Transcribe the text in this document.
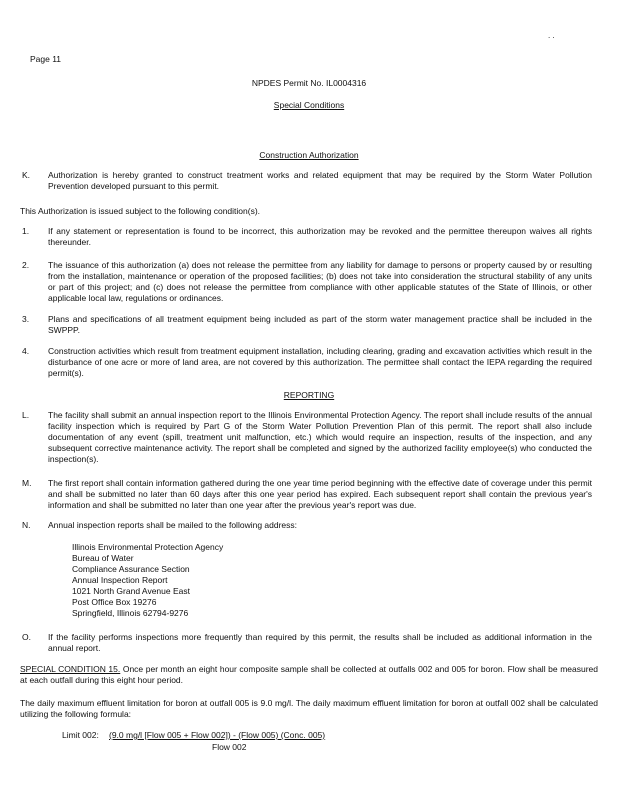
. .
Page 11
NPDES Permit No. IL0004316
Special Conditions
Construction Authorization
K.	Authorization is hereby granted to construct treatment works and related equipment that may be required by the Storm Water Pollution Prevention developed pursuant to this permit.
This Authorization is issued subject to the following condition(s).
1.	If any statement or representation is found to be incorrect, this authorization may be revoked and the permittee thereupon waives all rights thereunder.
2.	The issuance of this authorization (a) does not release the permittee from any liability for damage to persons or property caused by or resulting from the installation, maintenance or operation of the proposed facilities; (b) does not take into consideration the structural stability of any units or part of this project; and (c) does not release the permittee from compliance with other applicable statutes of the State of Illinois, or other applicable local law, regulations or ordinances.
3.	Plans and specifications of all treatment equipment being included as part of the storm water management practice shall be included in the SWPPP.
4.	Construction activities which result from treatment equipment installation, including clearing, grading and excavation activities which result in the disturbance of one acre or more of land area, are not covered by this authorization. The permittee shall contact the IEPA regarding the required permit(s).
REPORTING
L.	The facility shall submit an annual inspection report to the Illinois Environmental Protection Agency. The report shall include results of the annual facility inspection which is required by Part G of the Storm Water Pollution Prevention Plan of this permit. The report shall also include documentation of any event (spill, treatment unit malfunction, etc.) which would require an inspection, results of the inspection, and any subsequent corrective maintenance activity. The report shall be completed and signed by the authorized facility employee(s) who conducted the inspection(s).
M.	The first report shall contain information gathered during the one year time period beginning with the effective date of coverage under this permit and shall be submitted no later than 60 days after this one year period has expired. Each subsequent report shall contain the previous year's information and shall be submitted no later than one year after the previous year's report was due.
N.	Annual inspection reports shall be mailed to the following address:
Illinois Environmental Protection Agency
Bureau of Water
Compliance Assurance Section
Annual Inspection Report
1021 North Grand Avenue East
Post Office Box 19276
Springfield, Illinois 62794-9276
O.	If the facility performs inspections more frequently than required by this permit, the results shall be included as additional information in the annual report.
SPECIAL CONDITION 15. Once per month an eight hour composite sample shall be collected at outfalls 002 and 005 for boron. Flow shall be measured at each outfall during this eight hour period.
The daily maximum effluent limitation for boron at outfall 005 is 9.0 mg/l. The daily maximum effluent limitation for boron at outfall 002 shall be calculated utilizing the following formula:
Limit 002: (9.0 mg/l [Flow 005 + Flow 002]) - (Flow 005) (Conc. 005)
Flow 002
